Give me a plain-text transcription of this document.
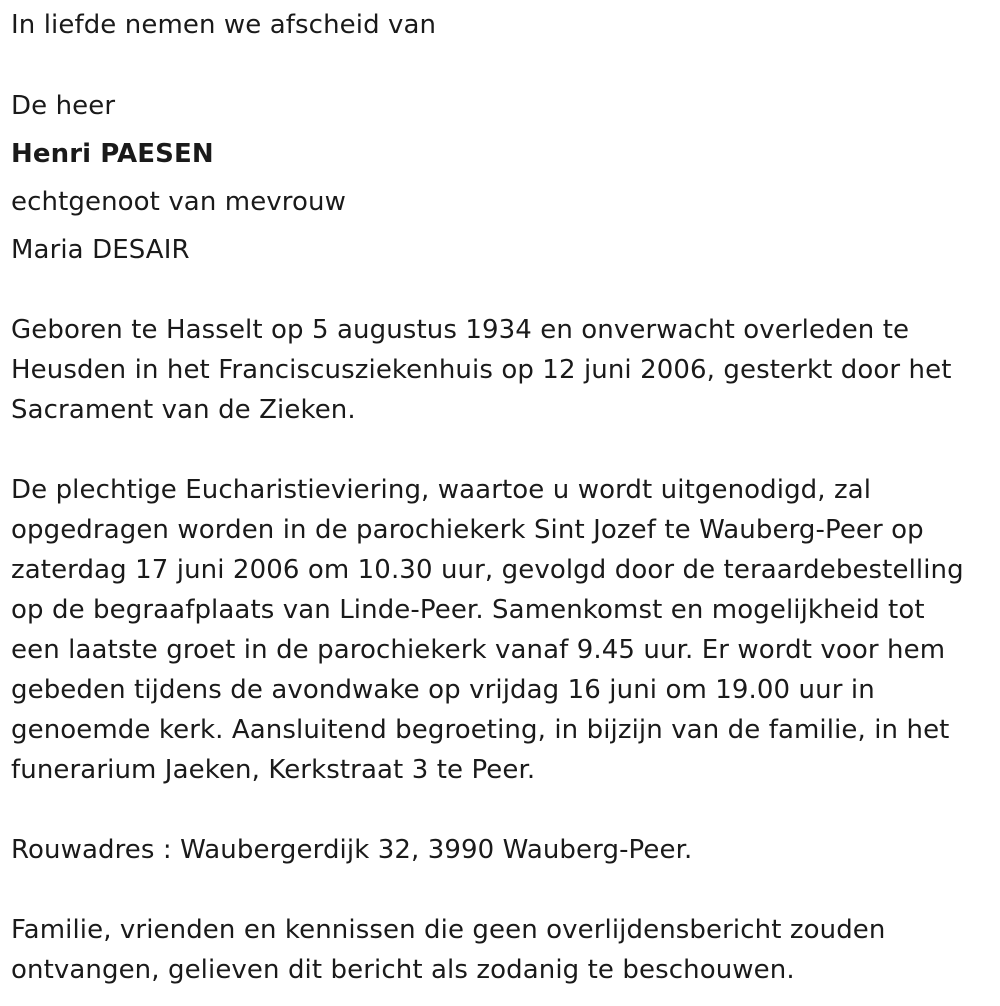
In liefde nemen we afscheid van

De heer

Henri PAESEN

echtgenoot van mevrouw

Maria DESAIR

Geboren te Hasselt op 5 augustus 1934 en onverwacht overleden te

Heusden in het Franciscusziekenhuis op 12 juni 2006, gesterkt door het

Sacrament van de Zieken.

De plechtige Eucharistieviering, waartoe u wordt uitgenodigd, zal

opgedragen worden in de parochiekerk Sint Jozef te Wauberg-Peer op

zaterdag 17 juni 2006 om 10.30 uur, gevolgd door de teraardebestelling

op de begraafplaats van Linde-Peer. Samenkomst en mogelijkheid tot

een laatste groet in de parochiekerk vanaf 9.45 uur. Er wordt voor hem

gebeden tijdens de avondwake op vrijdag 16 juni om 19.00 uur in

genoemde kerk. Aansluitend begroeting, in bijzijn van de familie, in het

funerarium Jaeken, Kerkstraat 3 te Peer.

Rouwadres : Waubergerdijk 32, 3990 Wauberg-Peer.

Familie, vrienden en kennissen die geen overlijdensbericht zouden

ontvangen, gelieven dit bericht als zodanig te beschouwen.
